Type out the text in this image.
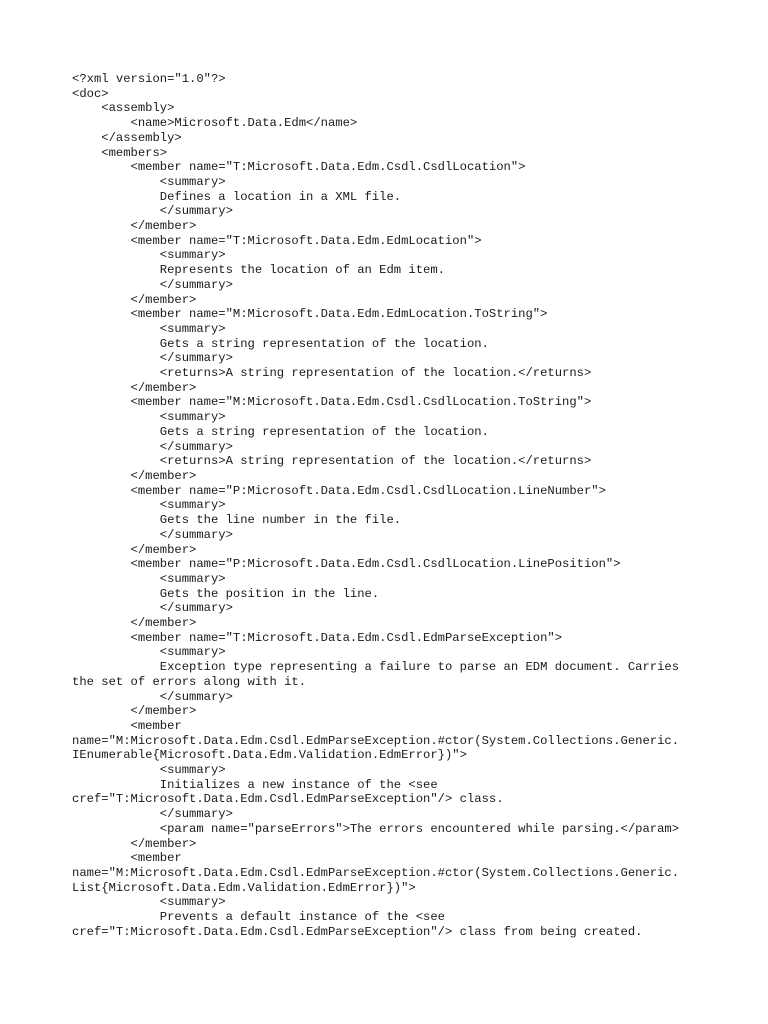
<?xml version="1.0"?>
<doc>
<assembly>
<name>Microsoft.Data.Edm</name>
</assembly>
<members>
<member name="T:Microsoft.Data.Edm.Csdl.CsdlLocation">
<summary>
Defines a location in a XML file.
</summary>
</member>
<member name="T:Microsoft.Data.Edm.EdmLocation">
<summary>
Represents the location of an Edm item.
</summary>
</member>
<member name="M:Microsoft.Data.Edm.EdmLocation.ToString">
<summary>
Gets a string representation of the location.
</summary>
<returns>A string representation of the location.</returns>
</member>
<member name="M:Microsoft.Data.Edm.Csdl.CsdlLocation.ToString">
<summary>
Gets a string representation of the location.
</summary>
<returns>A string representation of the location.</returns>
</member>
<member name="P:Microsoft.Data.Edm.Csdl.CsdlLocation.LineNumber">
<summary>
Gets the line number in the file.
</summary>
</member>
<member name="P:Microsoft.Data.Edm.Csdl.CsdlLocation.LinePosition">
<summary>
Gets the position in the line.
</summary>
</member>
<member name="T:Microsoft.Data.Edm.Csdl.EdmParseException">
<summary>
Exception type representing a failure to parse an EDM document. Carries
the set of errors along with it.
</summary>
</member>
<member
name="M:Microsoft.Data.Edm.Csdl.EdmParseException.#ctor(System.Collections.Generic.
IEnumerable{Microsoft.Data.Edm.Validation.EdmError})">
<summary>
Initializes a new instance of the <see
cref="T:Microsoft.Data.Edm.Csdl.EdmParseException"/> class.
</summary>
<param name="parseErrors">The errors encountered while parsing.</param>
</member>
<member
name="M:Microsoft.Data.Edm.Csdl.EdmParseException.#ctor(System.Collections.Generic.
List{Microsoft.Data.Edm.Validation.EdmError})">
<summary>
Prevents a default instance of the <see
cref="T:Microsoft.Data.Edm.Csdl.EdmParseException"/> class from being created.
